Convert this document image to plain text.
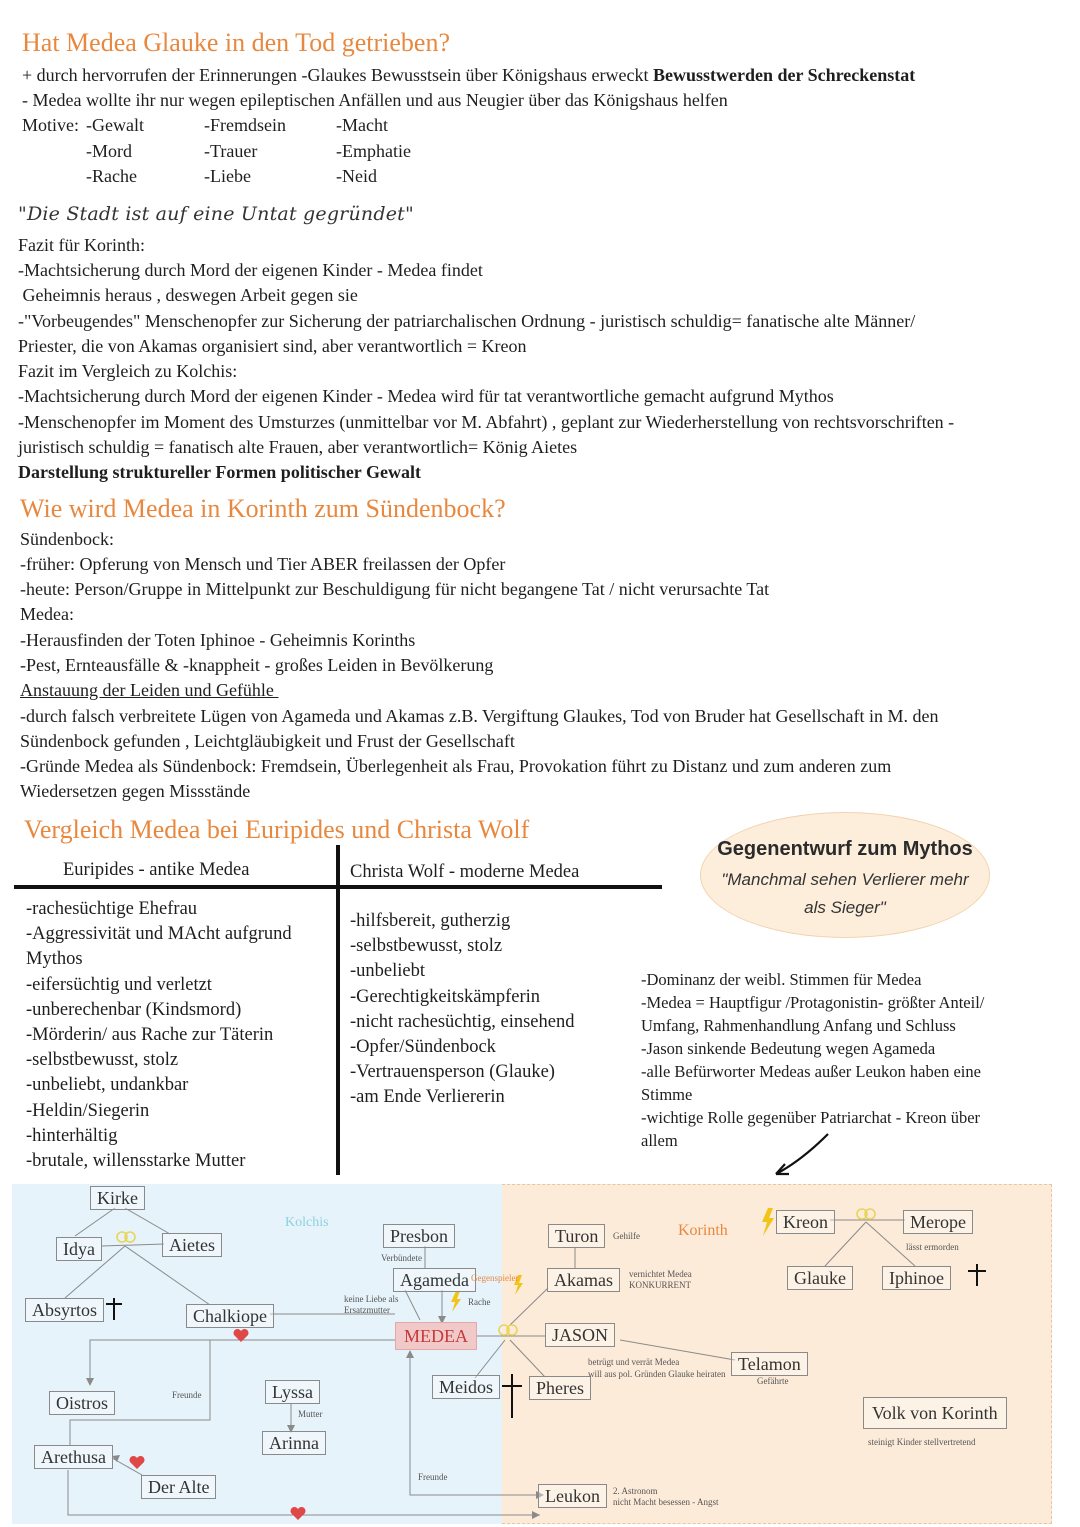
Hat Medea Glauke in den Tod getrieben?
+ durch hervorrufen der Erinnerungen -Glaukes Bewusstsein über Königshaus erweckt Bewusstwerden der Schreckenstat
- Medea wollte ihr nur wegen epileptischen Anfällen und aus Neugier über das Königshaus helfen
Motive: -Gewalt	-Fremdsein	-Macht
-Mord	-Trauer	-Emphatie
-Rache	-Liebe	-Neid
"Die Stadt ist auf eine Untat gegründet"
Fazit für Korinth:
-Machtsicherung durch Mord der eigenen Kinder - Medea findet
Geheimnis heraus , deswegen Arbeit gegen sie
-"Vorbeugendes" Menschenopfer zur Sicherung der patriarchalischen Ordnung - juristisch schuldig= fanatische alte Männer/
Priester, die von Akamas organisiert sind, aber verantwortlich = Kreon
Fazit im Vergleich zu Kolchis:
-Machtsicherung durch Mord der eigenen Kinder - Medea wird für tat verantwortliche gemacht aufgrund Mythos
-Menschenopfer im Moment des Umsturzes (unmittelbar vor M. Abfahrt) , geplant zur Wiederherstellung von rechtsvorschriften -
juristisch schuldig = fanatisch alte Frauen, aber verantwortlich= König Aietes
Darstellung struktureller Formen politischer Gewalt
Wie wird Medea in Korinth zum Sündenbock?
Sündenbock:
-früher: Opferung von Mensch und Tier ABER freilassen der Opfer
-heute: Person/Gruppe in Mittelpunkt zur Beschuldigung für nicht begangene Tat / nicht verursachte Tat
Medea:
-Herausfinden der Toten Iphinoe - Geheimnis Korinths
-Pest, Ernteausfälle & -knappheit - großes Leiden in Bevölkerung
Anstauung der Leiden und Gefühle
-durch falsch verbreitete Lügen von Agameda und Akamas z.B. Vergiftung Glaukes, Tod von Bruder hat Gesellschaft in M. den
Sündenbock gefunden , Leichtgläubigkeit und Frust der Gesellschaft
-Gründe Medea als Sündenbock: Fremdsein, Überlegenheit als Frau, Provokation führt zu Distanz und zum anderen zum
Wiedersetzen gegen Missstände
Vergleich Medea bei Euripides und Christa Wolf
Euripides - antike Medea	Christa Wolf - moderne Medea
-rachesüchtige Ehefrau
-Aggressivität und MAcht aufgrund
Mythos
-eifersüchtig und verletzt
-unberechenbar (Kindsmord)
-Mörderin/ aus Rache zur Täterin
-selbstbewusst, stolz
-unbeliebt, undankbar
-Heldin/Siegerin
-hinterhältig
-brutale, willensstarke Mutter
-hilfsbereit, gutherzig
-selbstbewusst, stolz
-unbeliebt
-Gerechtigkeitskämpferin
-nicht rachesüchtig, einsehend
-Opfer/Sündenbock
-Vertrauensperson (Glauke)
-am Ende Verliererin
Gegenentwurf zum Mythos
"Manchmal sehen Verlierer mehr
als Sieger"
-Dominanz der weibl. Stimmen für Medea
-Medea = Hauptfigur /Protagonistin- größter Anteil/
Umfang, Rahmenhandlung Anfang und Schluss
-Jason sinkende Bedeutung wegen Agameda
-alle Befürworter Medeas außer Leukon haben eine
Stimme
-wichtige Rolle gegenüber Patriarchat - Kreon über
allem
Kolchis	Korinth
Kirke
Idya	Aietes
Absyrtos	Chalkiope
Presbon
Agameda
MEDEA
Oistros
Lyssa
Arinna
Arethusa
Der Alte
Meidos	Pheres
JASON
Turon
Akamas
Kreon	Merope
Glauke	Iphinoe
Telamon
Volk von Korinth
Leukon
Verbündete
keine Liebe als
Ersatzmutter
Gegenspieler
Rache
Gehilfe
vernichtet Medea
KONKURRENT
lässt ermorden
betrügt und verrät Medea
will aus pol. Gründen Glauke heiraten
Gefährte
Freunde
Mutter
Freunde
steinigt Kinder stellvertretend
2. Astronom
nicht Macht besessen - Angst
